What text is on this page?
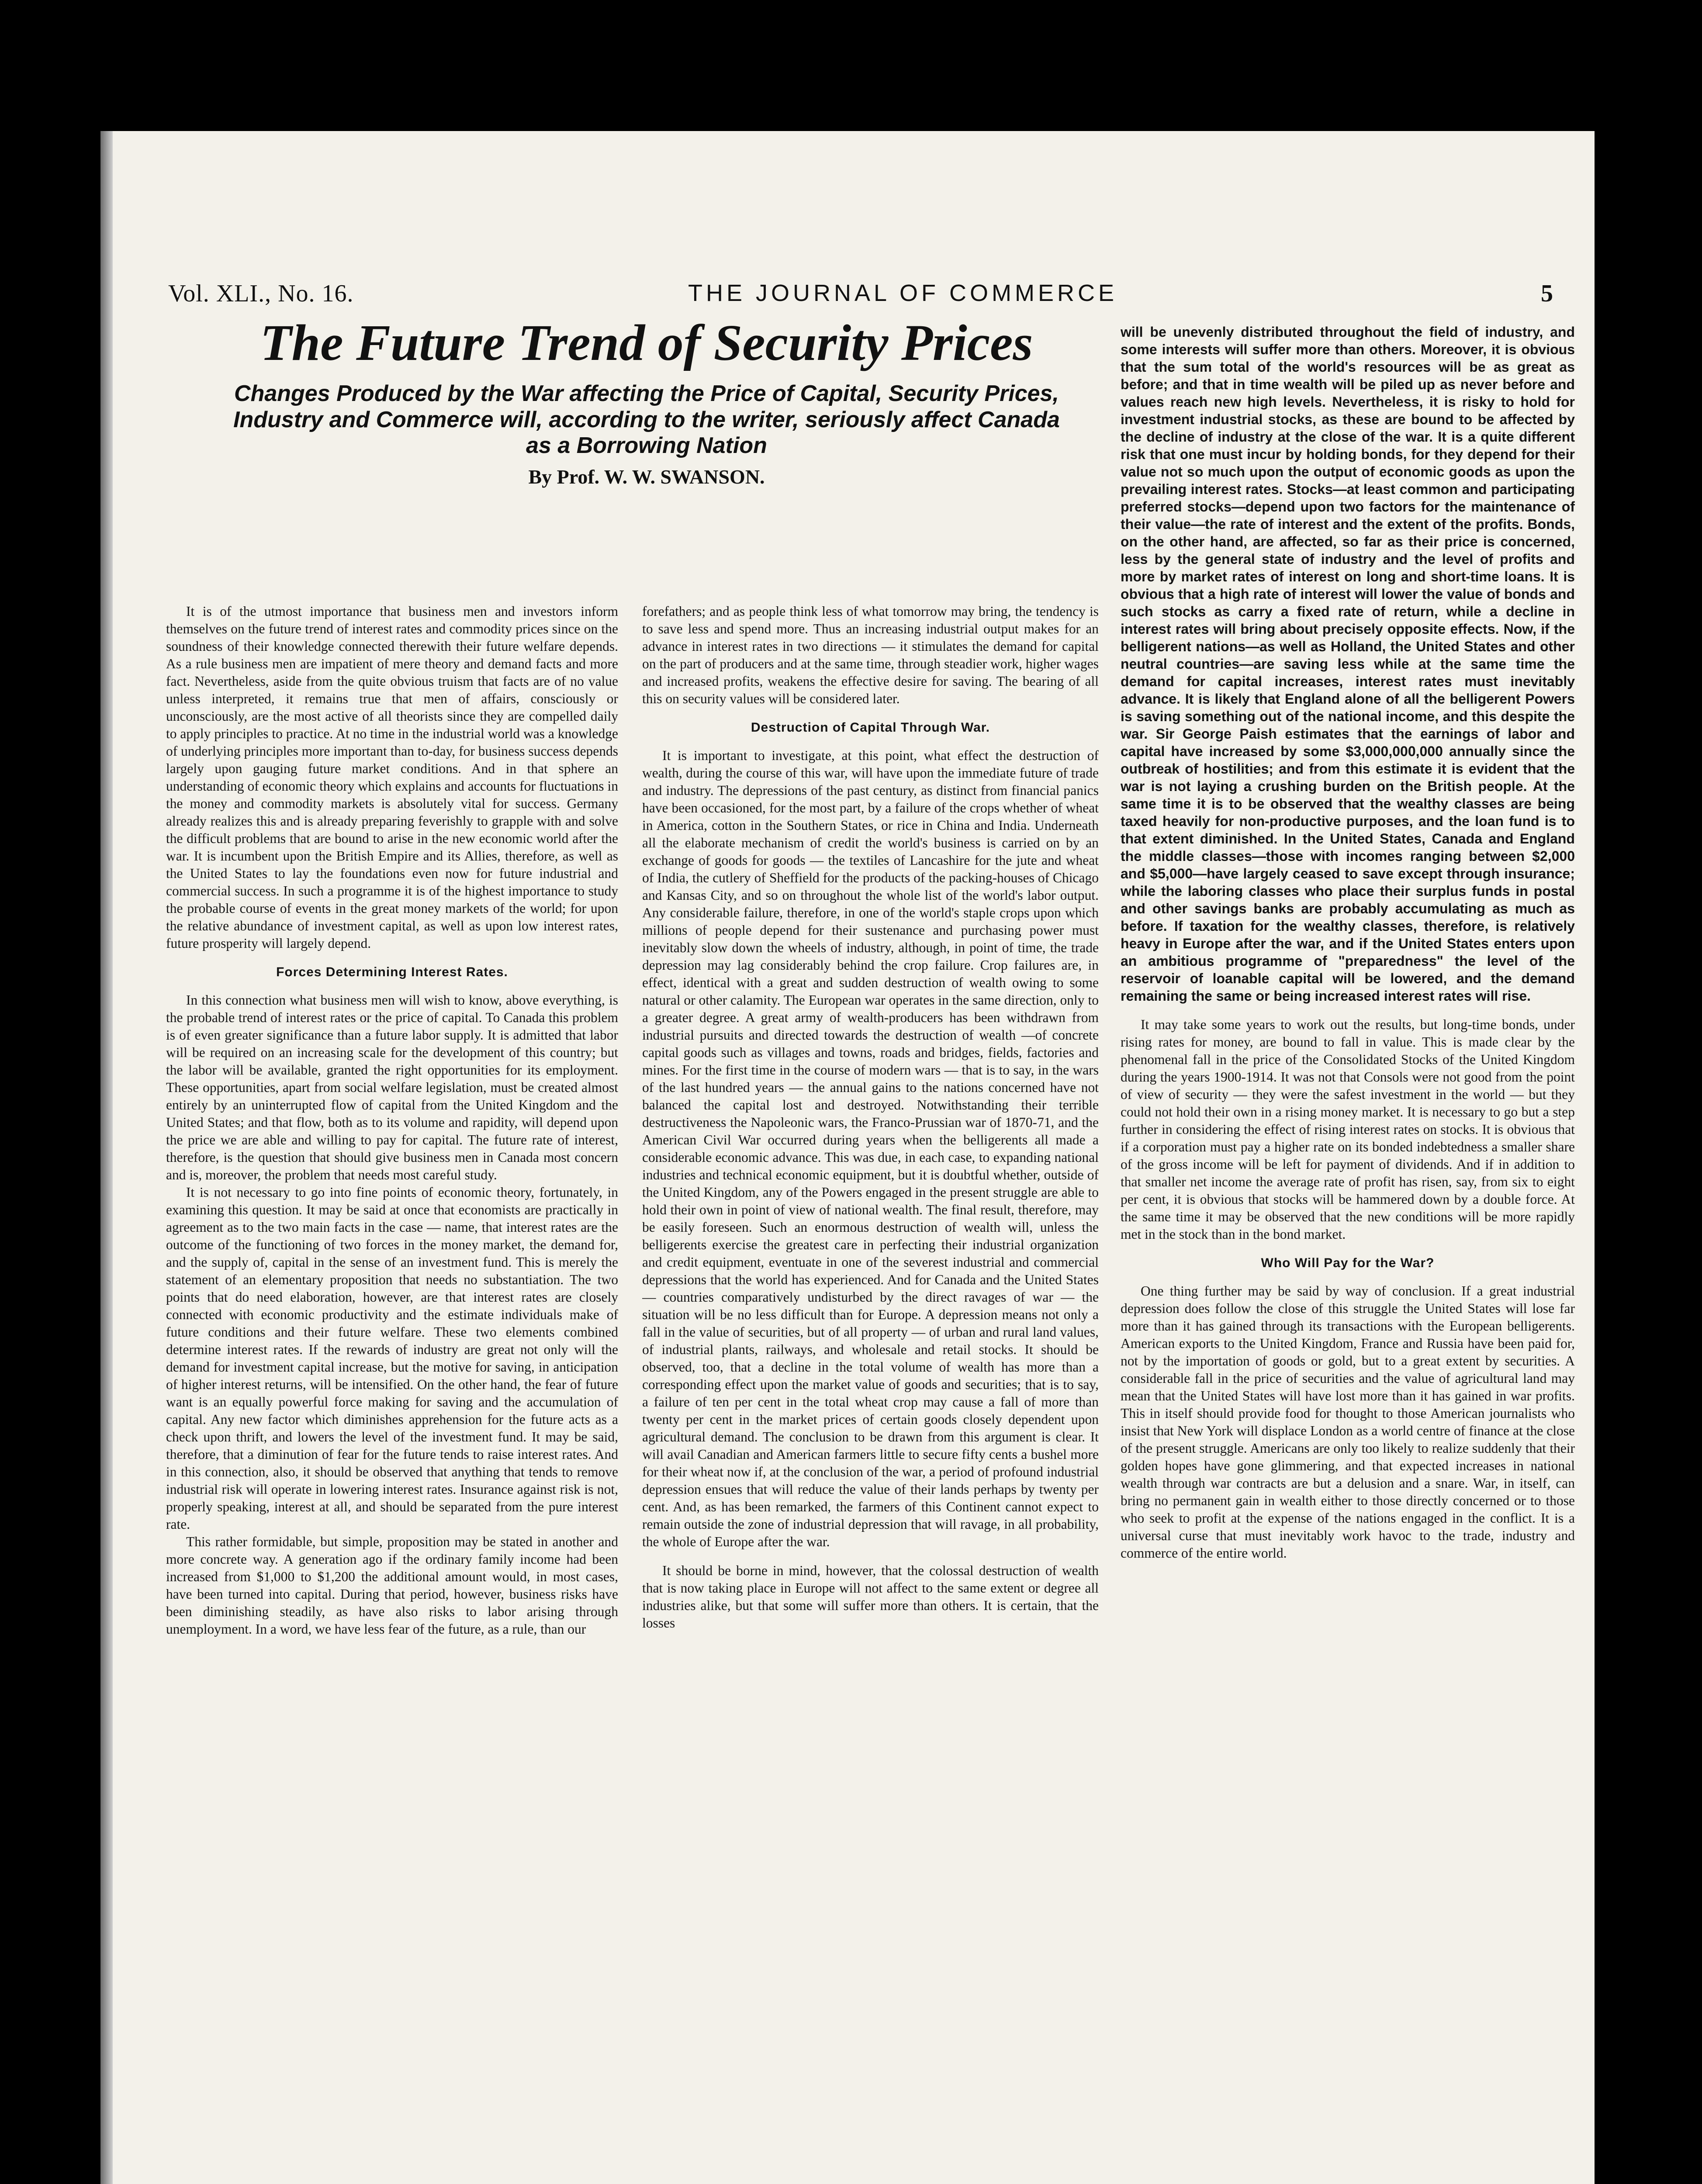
Vol. XLI., No. 16.	THE JOURNAL OF COMMERCE	5
The Future Trend of Security Prices
Changes Produced by the War affecting the Price of Capital, Security Prices, Industry and Commerce will, according to the writer, seriously affect Canada as a Borrowing Nation
By Prof. W. W. SWANSON.

It is of the utmost importance that business men and investors inform themselves on the future trend of interest rates and commodity prices since on the soundness of their knowledge connected therewith their future welfare depends. As a rule business men are impatient of mere theory and demand facts and more fact. Nevertheless, aside from the quite obvious truism that facts are of no value unless interpreted, it remains true that men of affairs, consciously or unconsciously, are the most active of all theorists since they are compelled daily to apply principles to practice. At no time in the industrial world was a knowledge of underlying principles more important than to-day, for business success depends largely upon gauging future market conditions. And in that sphere an understanding of economic theory which explains and accounts for fluctuations in the money and commodity markets is absolutely vital for success. Germany already realizes this and is already preparing feverishly to grapple with and solve the difficult problems that are bound to arise in the new economic world after the war. It is incumbent upon the British Empire and its Allies, therefore, as well as the United States to lay the foundations even now for future industrial and commercial success. In such a programme it is of the highest importance to study the probable course of events in the great money markets of the world; for upon the relative abundance of investment capital, as well as upon low interest rates, future prosperity will largely depend.

Forces Determining Interest Rates.

In this connection what business men will wish to know, above everything, is the probable trend of interest rates or the price of capital. To Canada this problem is of even greater significance than a future labor supply. It is admitted that labor will be required on an increasing scale for the development of this country; but the labor will be available, granted the right opportunities for its employment. These opportunities, apart from social welfare legislation, must be created almost entirely by an uninterrupted flow of capital from the United Kingdom and the United States; and that flow, both as to its volume and rapidity, will depend upon the price we are able and willing to pay for capital. The future rate of interest, therefore, is the question that should give business men in Canada most concern and is, moreover, the problem that needs most careful study.

It is not necessary to go into fine points of economic theory, fortunately, in examining this question. It may be said at once that economists are practically in agreement as to the two main facts in the case — name, that interest rates are the outcome of the functioning of two forces in the money market, the demand for, and the supply of, capital in the sense of an investment fund. This is merely the statement of an elementary proposition that needs no substantiation. The two points that do need elaboration, however, are that interest rates are closely connected with economic productivity and the estimate individuals make of future conditions and their future welfare. These two elements combined determine interest rates. If the rewards of industry are great not only will the demand for investment capital increase, but the motive for saving, in anticipation of higher interest returns, will be intensified. On the other hand, the fear of future want is an equally powerful force making for saving and the accumulation of capital. Any new factor which diminishes apprehension for the future acts as a check upon thrift, and lowers the level of the investment fund. It may be said, therefore, that a diminution of fear for the future tends to raise interest rates. And in this connection, also, it should be observed that anything that tends to remove industrial risk will operate in lowering interest rates. Insurance against risk is not, properly speaking, interest at all, and should be separated from the pure interest rate.

This rather formidable, but simple, proposition may be stated in another and more concrete way. A generation ago if the ordinary family income had been increased from $1,000 to $1,200 the additional amount would, in most cases, have been turned into capital. During that period, however, business risks have been diminishing steadily, as have also risks to labor arising through unemployment. In a word, we have less fear of the future, as a rule, than our

forefathers; and as people think less of what tomorrow may bring, the tendency is to save less and spend more. Thus an increasing industrial output makes for an advance in interest rates in two directions — it stimulates the demand for capital on the part of producers and at the same time, through steadier work, higher wages and increased profits, weakens the effective desire for saving. The bearing of all this on security values will be considered later.

Destruction of Capital Through War.

It is important to investigate, at this point, what effect the destruction of wealth, during the course of this war, will have upon the immediate future of trade and industry. The depressions of the past century, as distinct from financial panics have been occasioned, for the most part, by a failure of the crops whether of wheat in America, cotton in the Southern States, or rice in China and India. Underneath all the elaborate mechanism of credit the world's business is carried on by an exchange of goods for goods — the textiles of Lancashire for the jute and wheat of India, the cutlery of Sheffield for the products of the packing-houses of Chicago and Kansas City, and so on throughout the whole list of the world's labor output. Any considerable failure, therefore, in one of the world's staple crops upon which millions of people depend for their sustenance and purchasing power must inevitably slow down the wheels of industry, although, in point of time, the trade depression may lag considerably behind the crop failure. Crop failures are, in effect, identical with a great and sudden destruction of wealth owing to some natural or other calamity. The European war operates in the same direction, only to a greater degree. A great army of wealth-producers has been withdrawn from industrial pursuits and directed towards the destruction of wealth —of concrete capital goods such as villages and towns, roads and bridges, fields, factories and mines. For the first time in the course of modern wars — that is to say, in the wars of the last hundred years — the annual gains to the nations concerned have not balanced the capital lost and destroyed. Notwithstanding their terrible destructiveness the Napoleonic wars, the Franco-Prussian war of 1870-71, and the American Civil War occurred during years when the belligerents all made a considerable economic advance. This was due, in each case, to expanding national industries and technical economic equipment, but it is doubtful whether, outside of the United Kingdom, any of the Powers engaged in the present struggle are able to hold their own in point of view of national wealth. The final result, therefore, may be easily foreseen. Such an enormous destruction of wealth will, unless the belligerents exercise the greatest care in perfecting their industrial organization and credit equipment, eventuate in one of the severest industrial and commercial depressions that the world has experienced. And for Canada and the United States — countries comparatively undisturbed by the direct ravages of war — the situation will be no less difficult than for Europe. A depression means not only a fall in the value of securities, but of all property — of urban and rural land values, of industrial plants, railways, and wholesale and retail stocks. It should be observed, too, that a decline in the total volume of wealth has more than a corresponding effect upon the market value of goods and securities; that is to say, a failure of ten per cent in the total wheat crop may cause a fall of more than twenty per cent in the market prices of certain goods closely dependent upon agricultural demand. The conclusion to be drawn from this argument is clear. It will avail Canadian and American farmers little to secure fifty cents a bushel more for their wheat now if, at the conclusion of the war, a period of profound industrial depression ensues that will reduce the value of their lands perhaps by twenty per cent. And, as has been remarked, the farmers of this Continent cannot expect to remain outside the zone of industrial depression that will ravage, in all probability, the whole of Europe after the war.

It should be borne in mind, however, that the colossal destruction of wealth that is now taking place in Europe will not affect to the same extent or degree all industries alike, but that some will suffer more than others. It is certain, that the losses

will be unevenly distributed throughout the field of industry, and some interests will suffer more than others. Moreover, it is obvious that the sum total of the world's resources will be as great as before; and that in time wealth will be piled up as never before and values reach new high levels. Nevertheless, it is risky to hold for investment industrial stocks, as these are bound to be affected by the decline of industry at the close of the war. It is a quite different risk that one must incur by holding bonds, for they depend for their value not so much upon the output of economic goods as upon the prevailing interest rates. Stocks—at least common and participating preferred stocks—depend upon two factors for the maintenance of their value—the rate of interest and the extent of the profits. Bonds, on the other hand, are affected, so far as their price is concerned, less by the general state of industry and the level of profits and more by market rates of interest on long and short-time loans. It is obvious that a high rate of interest will lower the value of bonds and such stocks as carry a fixed rate of return, while a decline in interest rates will bring about precisely opposite effects. Now, if the belligerent nations—as well as Holland, the United States and other neutral countries—are saving less while at the same time the demand for capital increases, interest rates must inevitably advance. It is likely that England alone of all the belligerent Powers is saving something out of the national income, and this despite the war. Sir George Paish estimates that the earnings of labor and capital have increased by some $3,000,000,000 annually since the outbreak of hostilities; and from this estimate it is evident that the war is not laying a crushing burden on the British people. At the same time it is to be observed that the wealthy classes are being taxed heavily for non-productive purposes, and the loan fund is to that extent diminished. In the United States, Canada and England the middle classes—those with incomes ranging between $2,000 and $5,000—have largely ceased to save except through insurance; while the laboring classes who place their surplus funds in postal and other savings banks are probably accumulating as much as before. If taxation for the wealthy classes, therefore, is relatively heavy in Europe after the war, and if the United States enters upon an ambitious programme of "preparedness" the level of the reservoir of loanable capital will be lowered, and the demand remaining the same or being increased interest rates will rise.

It may take some years to work out the results, but long-time bonds, under rising rates for money, are bound to fall in value. This is made clear by the phenomenal fall in the price of the Consolidated Stocks of the United Kingdom during the years 1900-1914. It was not that Consols were not good from the point of view of security — they were the safest investment in the world — but they could not hold their own in a rising money market. It is necessary to go but a step further in considering the effect of rising interest rates on stocks. It is obvious that if a corporation must pay a higher rate on its bonded indebtedness a smaller share of the gross income will be left for payment of dividends. And if in addition to that smaller net income the average rate of profit has risen, say, from six to eight per cent, it is obvious that stocks will be hammered down by a double force. At the same time it may be observed that the new conditions will be more rapidly met in the stock than in the bond market.

Who Will Pay for the War?

One thing further may be said by way of conclusion. If a great industrial depression does follow the close of this struggle the United States will lose far more than it has gained through its transactions with the European belligerents. American exports to the United Kingdom, France and Russia have been paid for, not by the importation of goods or gold, but to a great extent by securities. A considerable fall in the price of securities and the value of agricultural land may mean that the United States will have lost more than it has gained in war profits. This in itself should provide food for thought to those American journalists who insist that New York will displace London as a world centre of finance at the close of the present struggle. Americans are only too likely to realize suddenly that their golden hopes have gone glimmering, and that expected increases in national wealth through war contracts are but a delusion and a snare. War, in itself, can bring no permanent gain in wealth either to those directly concerned or to those who seek to profit at the expense of the nations engaged in the conflict. It is a universal curse that must inevitably work havoc to the trade, industry and commerce of the entire world.
